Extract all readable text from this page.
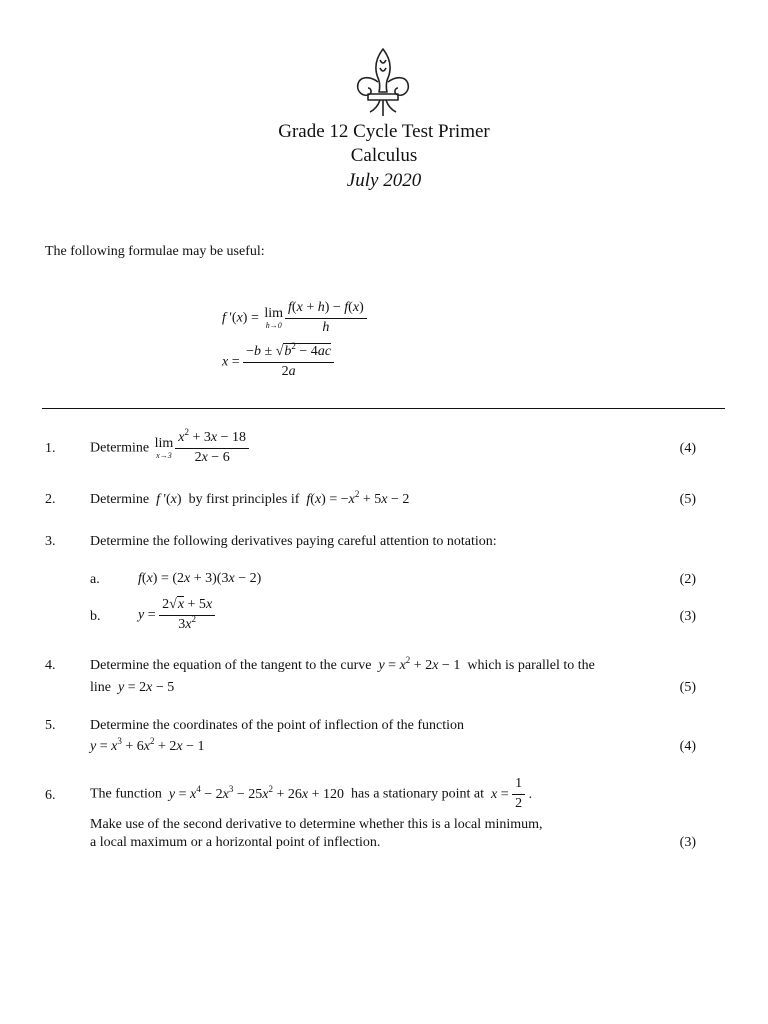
Grade 12 Cycle Test Primer
Calculus
July 2020
The following formulae may be useful:
f '(x) = lim
$h\to 0 \frac{f(x + h) - f(x)}{h}$
$x = \frac{-b \pm √b^2 - 4ac}{2a}$
1. Determine lim
$x\to 3 \frac{x^2 + 3x - 18}{2x - 6}$	(4)
2. Determine f '(x) by first principles if $f(x) = -x^2 + 5x - 2$	(5)
3. Determine the following derivatives paying careful attention to notation:
a.	f(x) = (2x + 3)(3x − 2)	(2)
b.	$y = \frac{2√x + 5x}{3x^2}$	(3)
4. Determine the equation of the tangent to the curve $y = x^2 + 2x - 1$ which is parallel to the
line y = 2x − 5	(5)
5. Determine the coordinates of the point of inflection of the function
$y = x^3 + 6x^2 + 2x - 1$	(4)
6. The function $y = x^4 - 2x^3 - 25x^2 + 26x + 120$ has a stationary point at $x = \frac{1}{2}$ .
Make use of the second derivative to determine whether this is a local minimum,
a local maximum or a horizontal point of inflection.	(3)
